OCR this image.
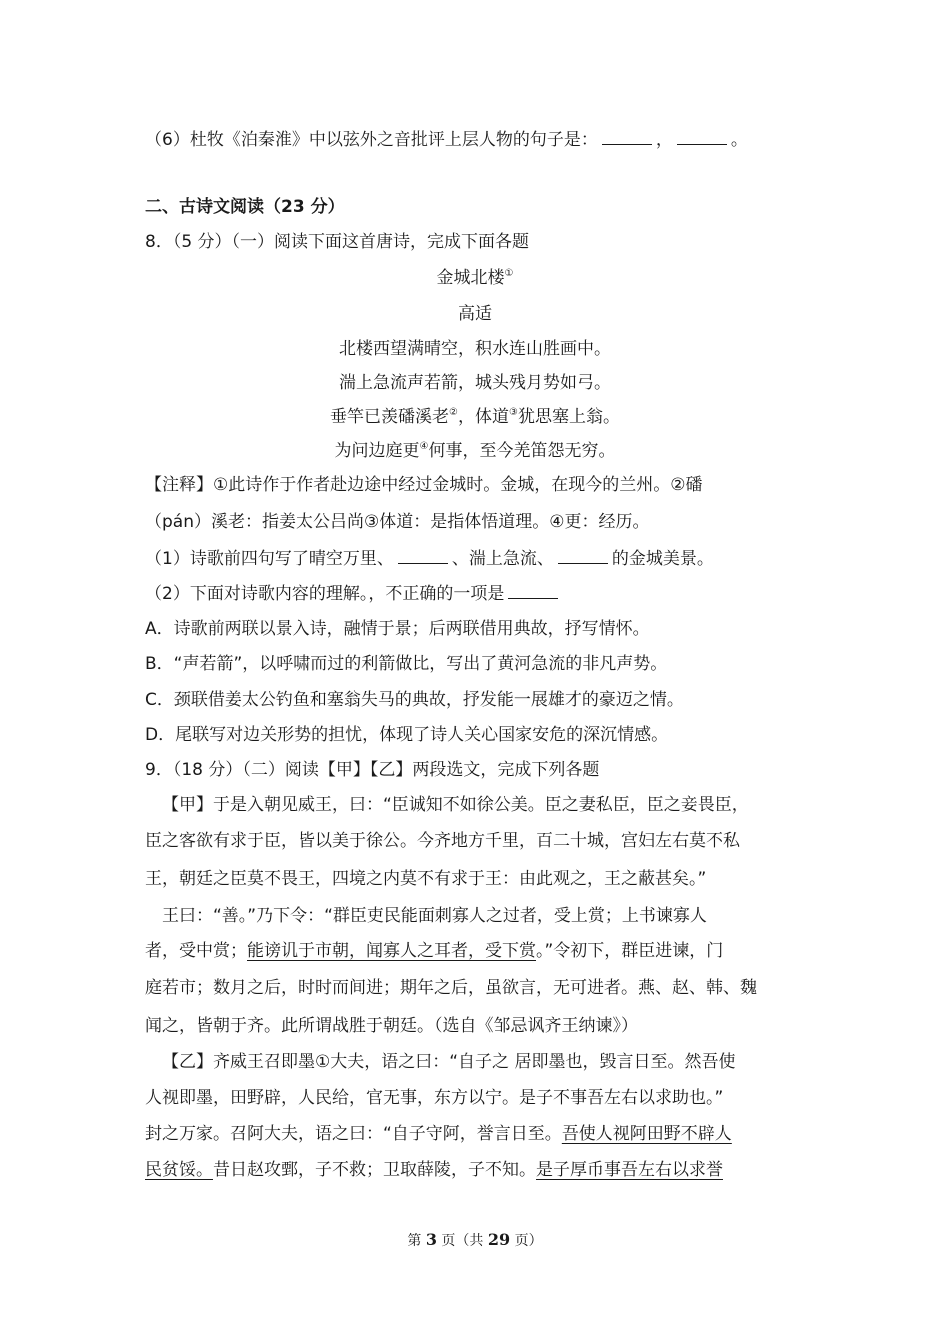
（6）杜牧《泊秦淮》中以弦外之音批评上层人物的句子是：	，	。
二、古诗文阅读（23 分）
8．（5 分）（一）阅读下面这首唐诗，完成下面各题
金城北楼①
高适
北楼西望满晴空，积水连山胜画中。
湍上急流声若箭，城头残月势如弓。
垂竿已羡磻溪老②，体道③犹思塞上翁。
为问边庭更④何事，至今羌笛怨无穷。
【注释】①此诗作于作者赴边途中经过金城时。金城，在现今的兰州。②磻
（pán）溪老：指姜太公吕尚③体道：是指体悟道理。④更：经历。
（1）诗歌前四句写了晴空万里、	、湍上急流、	的金城美景。
（2）下面对诗歌内容的理解。，不正确的一项是
A．诗歌前两联以景入诗，融情于景；后两联借用典故，抒写情怀。
B．“声若箭”，以呼啸而过的利箭做比，写出了黄河急流的非凡声势。
C．颈联借姜太公钓鱼和塞翁失马的典故，抒发能一展雄才的豪迈之情。
D．尾联写对边关形势的担忧，体现了诗人关心国家安危的深沉情感。
9．（18 分）（二）阅读【甲】【乙】两段选文，完成下列各题
【甲】于是入朝见威王，曰：“臣诚知不如徐公美。臣之妻私臣，臣之妾畏臣，
臣之客欲有求于臣，皆以美于徐公。今齐地方千里，百二十城，宫妇左右莫不私
王，朝廷之臣莫不畏王，四境之内莫不有求于王：由此观之，王之蔽甚矣。”
王曰：“善。”乃下令：“群臣吏民能面刺寡人之过者，受上赏；上书谏寡人
者，受中赏；能谤讥于市朝，闻寡人之耳者，受下赏。”令初下，群臣进谏，门
庭若市；数月之后，时时而间进；期年之后，虽欲言，无可进者。燕、赵、韩、魏
闻之，皆朝于齐。此所谓战胜于朝廷。（选自《邹忌讽齐王纳谏》）
【乙】齐威王召即墨①大夫，语之曰：“自子之 居即墨也，毁言日至。然吾使
人视即墨，田野辟，人民给，官无事，东方以宁。是子不事吾左右以求助也。”
封之万家。召阿大夫，语之曰：“自子守阿，誉言日至。吾使人视阿田野不辟人
民贫馁。昔日赵攻鄄，子不救；卫取薛陵，子不知。是子厚币事吾左右以求誉
第 3 页（共 29 页）
